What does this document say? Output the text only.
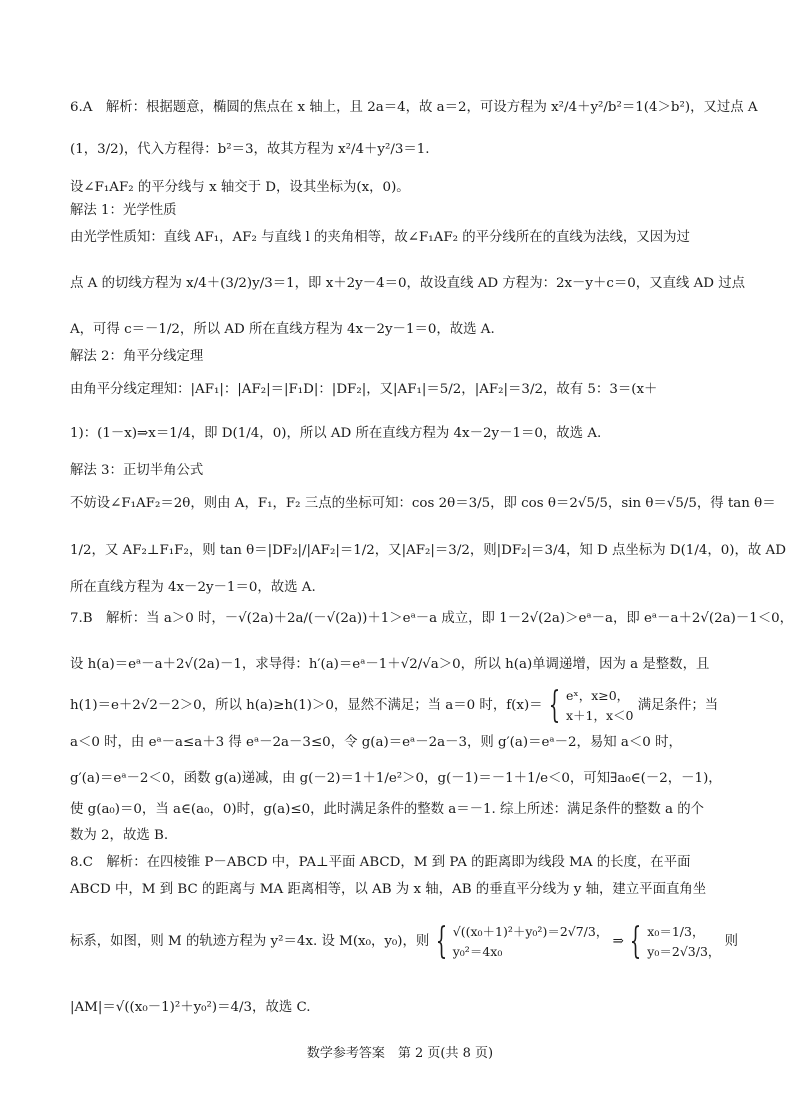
6.A　解析：根据题意，椭圆的焦点在 x 轴上，且 2a＝4，故 a＝2，可设方程为 x²/4＋y²/b²＝1(4＞b²)，又过点 A
(1，3/2)，代入方程得：b²＝3，故其方程为 x²/4＋y²/3＝1.
设∠F₁AF₂ 的平分线与 x 轴交于 D，设其坐标为(x，0)。
解法 1：光学性质
由光学性质知：直线 AF₁，AF₂ 与直线 l 的夹角相等，故∠F₁AF₂ 的平分线所在的直线为法线，又因为过
点 A 的切线方程为 x/4＋(3/2)y/3＝1，即 x＋2y－4＝0，故设直线 AD 方程为：2x－y＋c＝0，又直线 AD 过点
A，可得 c＝－1/2，所以 AD 所在直线方程为 4x－2y－1＝0，故选 A.
解法 2：角平分线定理
由角平分线定理知：|AF₁|：|AF₂|＝|F₁D|：|DF₂|，又|AF₁|＝5/2，|AF₂|＝3/2，故有 5：3＝(x＋
1)：(1－x)⇒x＝1/4，即 D(1/4，0)，所以 AD 所在直线方程为 4x－2y－1＝0，故选 A.
解法 3：正切半角公式
不妨设∠F₁AF₂＝2θ，则由 A，F₁，F₂ 三点的坐标可知：cos 2θ＝3/5，即 cos θ＝2√5/5，sin θ＝√5/5，得 tan θ＝
1/2，又 AF₂⊥F₁F₂，则 tan θ＝|DF₂|/|AF₂|＝1/2，又|AF₂|＝3/2，则|DF₂|＝3/4，知 D 点坐标为 D(1/4，0)，故 AD
所在直线方程为 4x－2y－1＝0，故选 A.
7.B　解析：当 a＞0 时，－√(2a)＋2a/(－√(2a))＋1＞eᵃ－a 成立，即 1－2√(2a)＞eᵃ－a，即 eᵃ－a＋2√(2a)－1＜0，
设 h(a)＝eᵃ－a＋2√(2a)－1，求导得：h′(a)＝eᵃ－1＋√2/√a＞0，所以 h(a)单调递增，因为 a 是整数，且
h(1)＝e＋2√2－2＞0，所以 h(a)≥h(1)＞0，显然不满足；当 a＝0 时，f(x)＝ { eˣ，x≥0，
x＋1，x＜0
满足条件；当
a＜0 时，由 eᵃ－a≤a＋3 得 eᵃ－2a－3≤0，令 g(a)＝eᵃ－2a－3，则 g′(a)＝eᵃ－2，易知 a＜0 时，
g′(a)＝eᵃ－2＜0，函数 g(a)递减，由 g(－2)＝1＋1/e²＞0，g(－1)＝－1＋1/e＜0，可知∃a₀∈(－2，－1)，
使 g(a₀)＝0，当 a∈(a₀，0)时，g(a)≤0，此时满足条件的整数 a＝－1. 综上所述：满足条件的整数 a 的个
数为 2，故选 B.
8.C　解析：在四棱锥 P－ABCD 中，PA⊥平面 ABCD，M 到 PA 的距离即为线段 MA 的长度，在平面
ABCD 中，M 到 BC 的距离与 MA 距离相等，以 AB 为 x 轴，AB 的垂直平分线为 y 轴，建立平面直角坐
标系，如图，则 M 的轨迹方程为 y²＝4x. 设 M(x₀，y₀)，则 { √((x₀＋1)²＋y₀²)＝2√7/3，
y₀²＝4x₀
⇒ { x₀＝1/3，
y₀＝2√3/3，
则
|AM|＝√((x₀－1)²＋y₀²)＝4/3，故选 C.
数学参考答案　第 2 页(共 8 页)
